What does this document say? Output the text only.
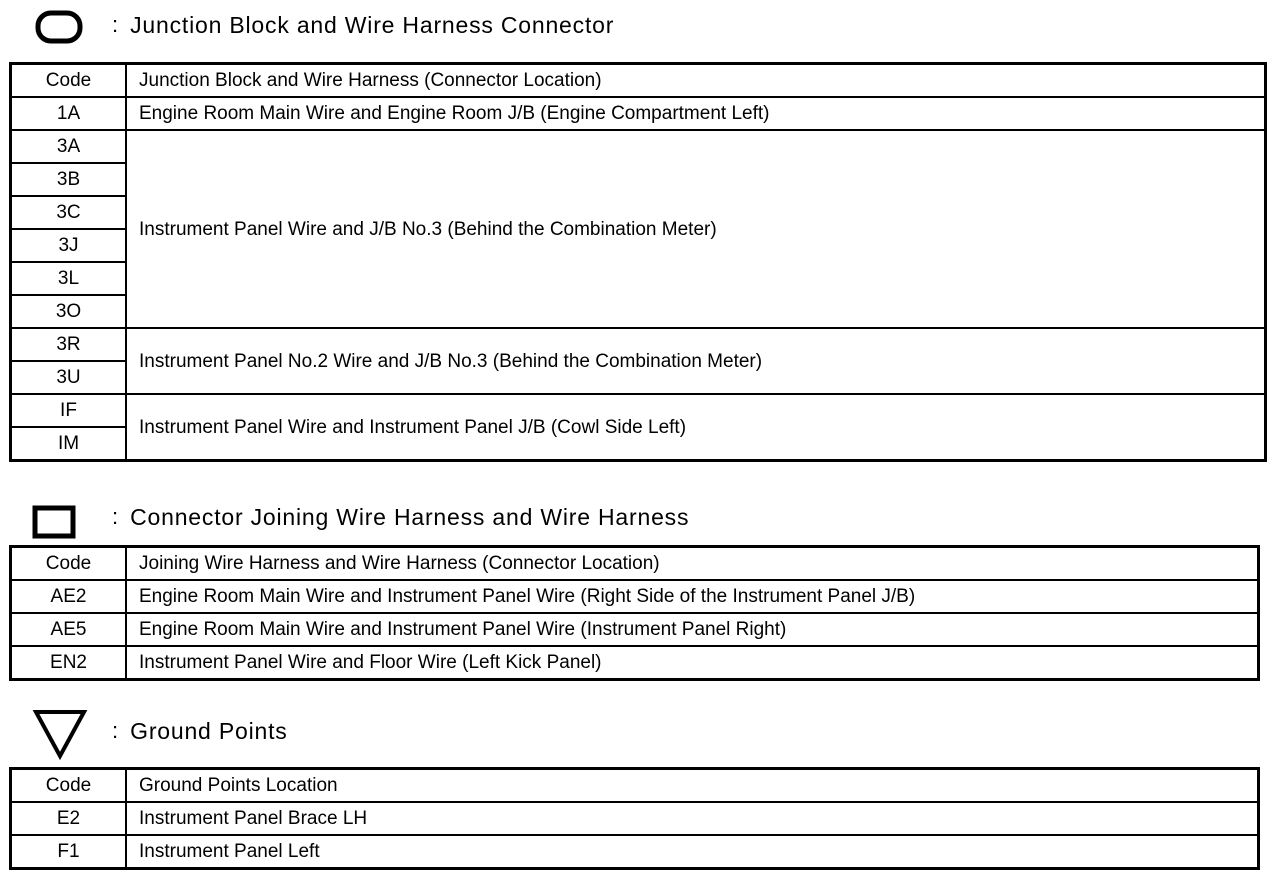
: Junction Block and Wire Harness Connector
Code	Junction Block and Wire Harness (Connector Location)
1A	Engine Room Main Wire and Engine Room J/B (Engine Compartment Left)
3A	Instrument Panel Wire and J/B No.3 (Behind the Combination Meter)
3B	
3C	
3J	
3L	
3O	
3R	Instrument Panel No.2 Wire and J/B No.3 (Behind the Combination Meter)
3U	
IF	Instrument Panel Wire and Instrument Panel J/B (Cowl Side Left)
IM	
: Connector Joining Wire Harness and Wire Harness
Code	Joining Wire Harness and Wire Harness (Connector Location)
AE2	Engine Room Main Wire and Instrument Panel Wire (Right Side of the Instrument Panel J/B)
AE5	Engine Room Main Wire and Instrument Panel Wire (Instrument Panel Right)
EN2	Instrument Panel Wire and Floor Wire (Left Kick Panel)
: Ground Points
Code	Ground Points Location
E2	Instrument Panel Brace LH
F1	Instrument Panel Left
